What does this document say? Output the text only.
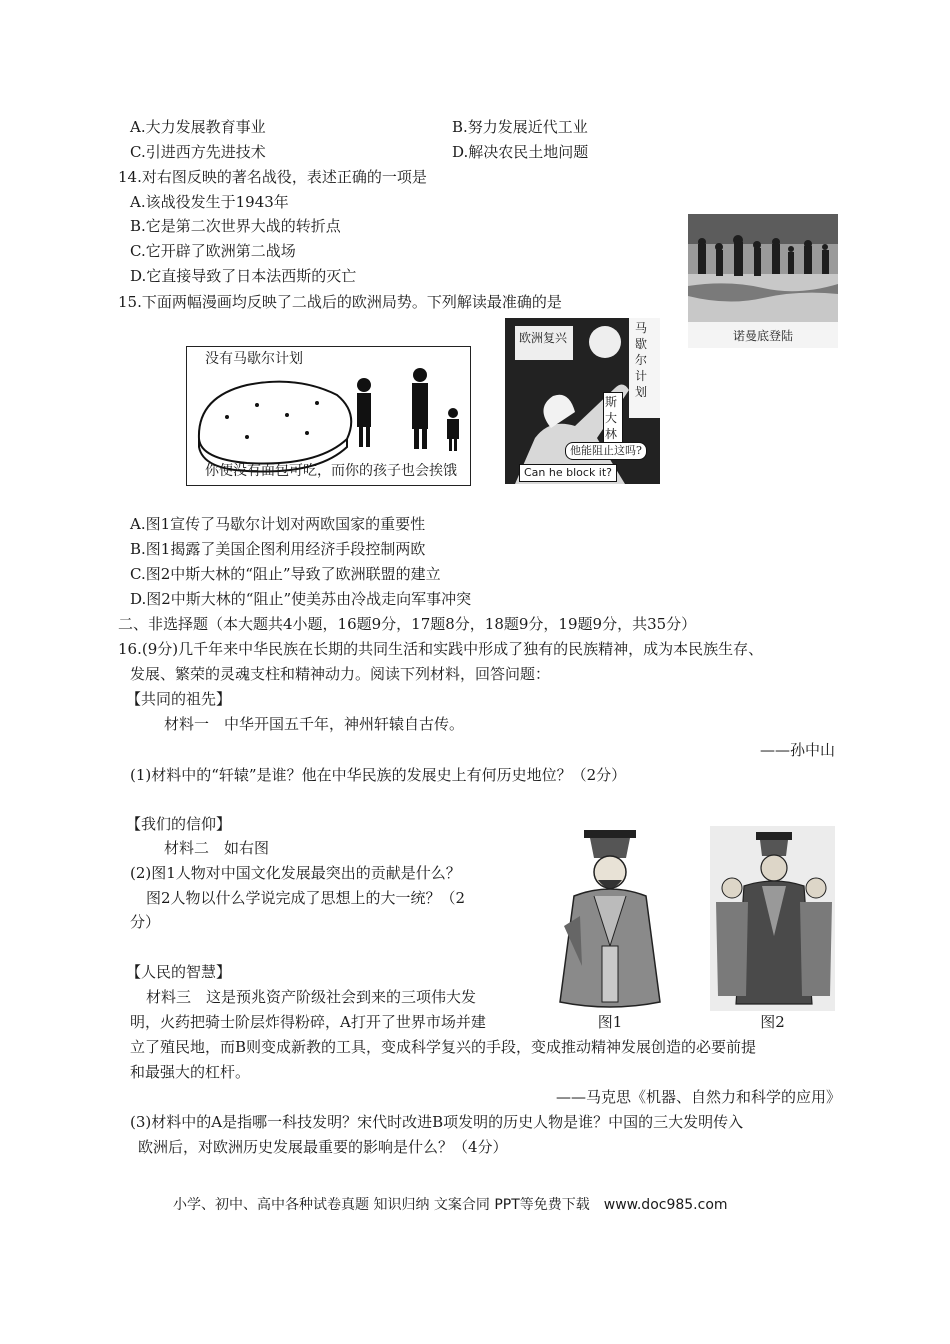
A.大力发展教育事业	B.努力发展近代工业
C.引进西方先进技术	D.解决农民土地问题
14.对右图反映的著名战役，表述正确的一项是
A.该战役发生于1943年
B.它是第二次世界大战的转折点
C.它开辟了欧洲第二战场
D.它直接导致了日本法西斯的灭亡
诺曼底登陆
15.下面两幅漫画均反映了二战后的欧洲局势。下列解读最准确的是
没有马歇尔计划
你便没有面包可吃，而你的孩子也会挨饿
欧洲复兴
马歇尔计划
斯大林
他能阻止这吗?
Can he block it?
A.图1宣传了马歇尔计划对两欧国家的重要性
B.图1揭露了美国企图利用经济手段控制两欧
C.图2中斯大林的“阻止”导致了欧洲联盟的建立
D.图2中斯大林的“阻止”使美苏由冷战走向军事冲突
二、非选择题（本大题共4小题，16题9分，17题8分，18题9分，19题9分，共35分）
16.(9分)几千年来中华民族在长期的共同生活和实践中形成了独有的民族精神，成为本民族生存、
发展、繁荣的灵魂支柱和精神动力。阅读下列材料，回答问题：
【共同的祖先】
材料一　中华开国五千年，神州轩辕自古传。
——孙中山
(1)材料中的“轩辕”是谁？他在中华民族的发展史上有何历史地位？（2分）
【我们的信仰】
材料二　如右图
(2)图1人物对中国文化发展最突出的贡献是什么？
图2人物以什么学说完成了思想上的大一统？（2
分）
图1	图2
【人民的智慧】
材料三　这是预兆资产阶级社会到来的三项伟大发
明，火药把骑士阶层炸得粉碎，A打开了世界市场并建
立了殖民地，而B则变成新教的工具，变成科学复兴的手段，变成推动精神发展创造的必要前提
和最强大的杠杆。
——马克思《机器、自然力和科学的应用》
(3)材料中的A是指哪一科技发明？宋代时改进B项发明的历史人物是谁？中国的三大发明传入
欧洲后，对欧洲历史发展最重要的影响是什么？（4分）
小学、初中、高中各种试卷真题 知识归纳 文案合同 PPT等免费下载　www.doc985.com
